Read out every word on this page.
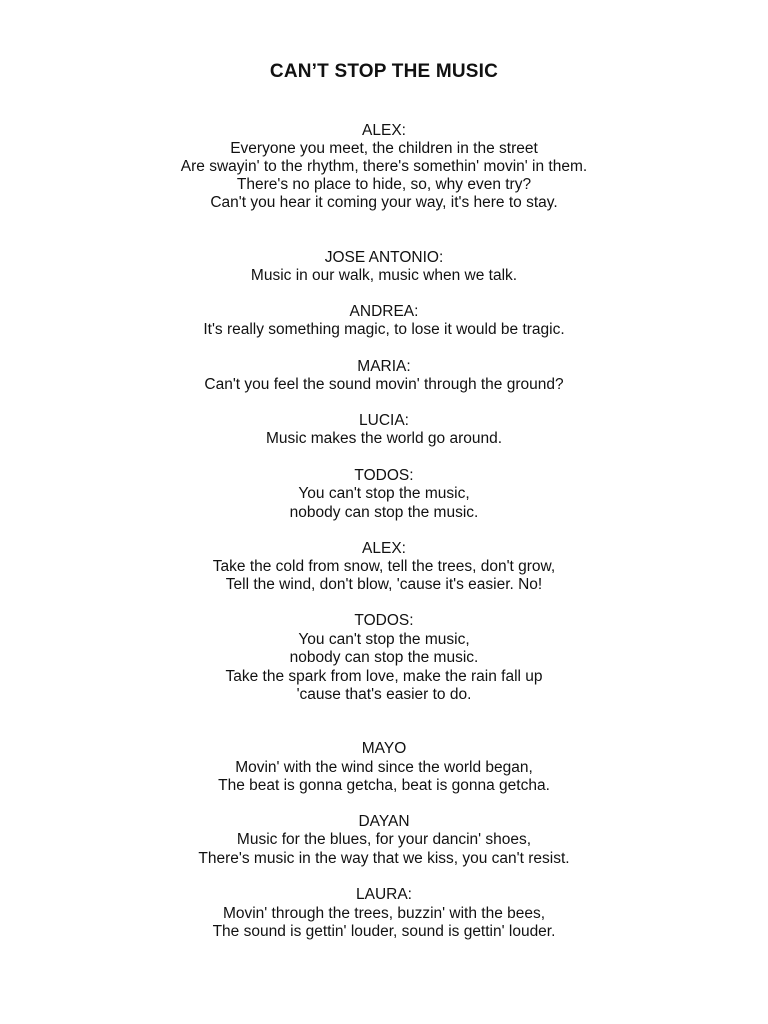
CAN’T STOP THE MUSIC
ALEX:
Everyone you meet, the children in the street
Are swayin' to the rhythm, there's somethin' movin' in them.
There's no place to hide, so, why even try?
Can't you hear it coming your way, it's here to stay.
JOSE ANTONIO:
Music in our walk, music when we talk.
ANDREA:
It's really something magic, to lose it would be tragic.
MARIA:
Can't you feel the sound movin' through the ground?
LUCIA:
Music makes the world go around.
TODOS:
You can't stop the music,
nobody can stop the music.
ALEX:
Take the cold from snow, tell the trees, don't grow,
Tell the wind, don't blow, 'cause it's easier. No!
TODOS:
You can't stop the music,
nobody can stop the music.
Take the spark from love, make the rain fall up
'cause that's easier to do.
MAYO
Movin' with the wind since the world began,
The beat is gonna getcha, beat is gonna getcha.
DAYAN
Music for the blues, for your dancin' shoes,
There's music in the way that we kiss, you can't resist.
LAURA:
Movin' through the trees, buzzin' with the bees,
The sound is gettin' louder, sound is gettin' louder.
